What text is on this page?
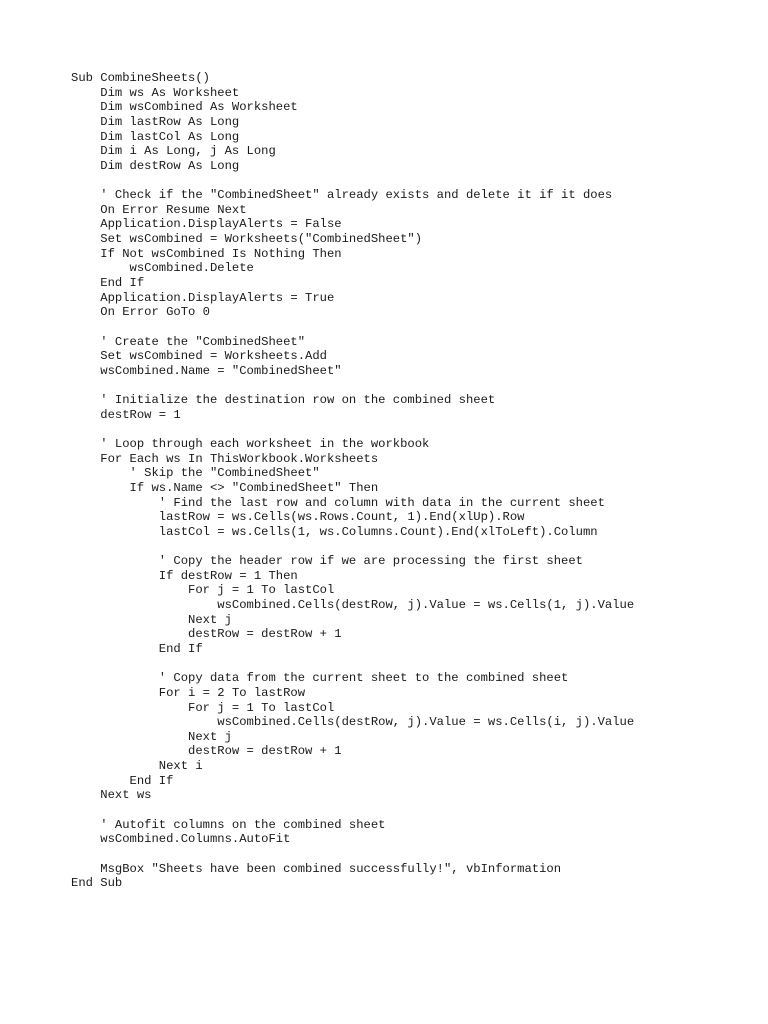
Sub CombineSheets()
Dim ws As Worksheet
Dim wsCombined As Worksheet
Dim lastRow As Long
Dim lastCol As Long
Dim i As Long, j As Long
Dim destRow As Long
' Check if the "CombinedSheet" already exists and delete it if it does
On Error Resume Next
Application.DisplayAlerts = False
Set wsCombined = Worksheets("CombinedSheet")
If Not wsCombined Is Nothing Then
wsCombined.Delete
End If
Application.DisplayAlerts = True
On Error GoTo 0
' Create the "CombinedSheet"
Set wsCombined = Worksheets.Add
wsCombined.Name = "CombinedSheet"
' Initialize the destination row on the combined sheet
destRow = 1
' Loop through each worksheet in the workbook
For Each ws In ThisWorkbook.Worksheets
' Skip the "CombinedSheet"
If ws.Name <> "CombinedSheet" Then
' Find the last row and column with data in the current sheet
lastRow = ws.Cells(ws.Rows.Count, 1).End(xlUp).Row
lastCol = ws.Cells(1, ws.Columns.Count).End(xlToLeft).Column
' Copy the header row if we are processing the first sheet
If destRow = 1 Then
For j = 1 To lastCol
wsCombined.Cells(destRow, j).Value = ws.Cells(1, j).Value
Next j
destRow = destRow + 1
End If
' Copy data from the current sheet to the combined sheet
For i = 2 To lastRow
For j = 1 To lastCol
wsCombined.Cells(destRow, j).Value = ws.Cells(i, j).Value
Next j
destRow = destRow + 1
Next i
End If
Next ws
' Autofit columns on the combined sheet
wsCombined.Columns.AutoFit
MsgBox "Sheets have been combined successfully!", vbInformation
End Sub
